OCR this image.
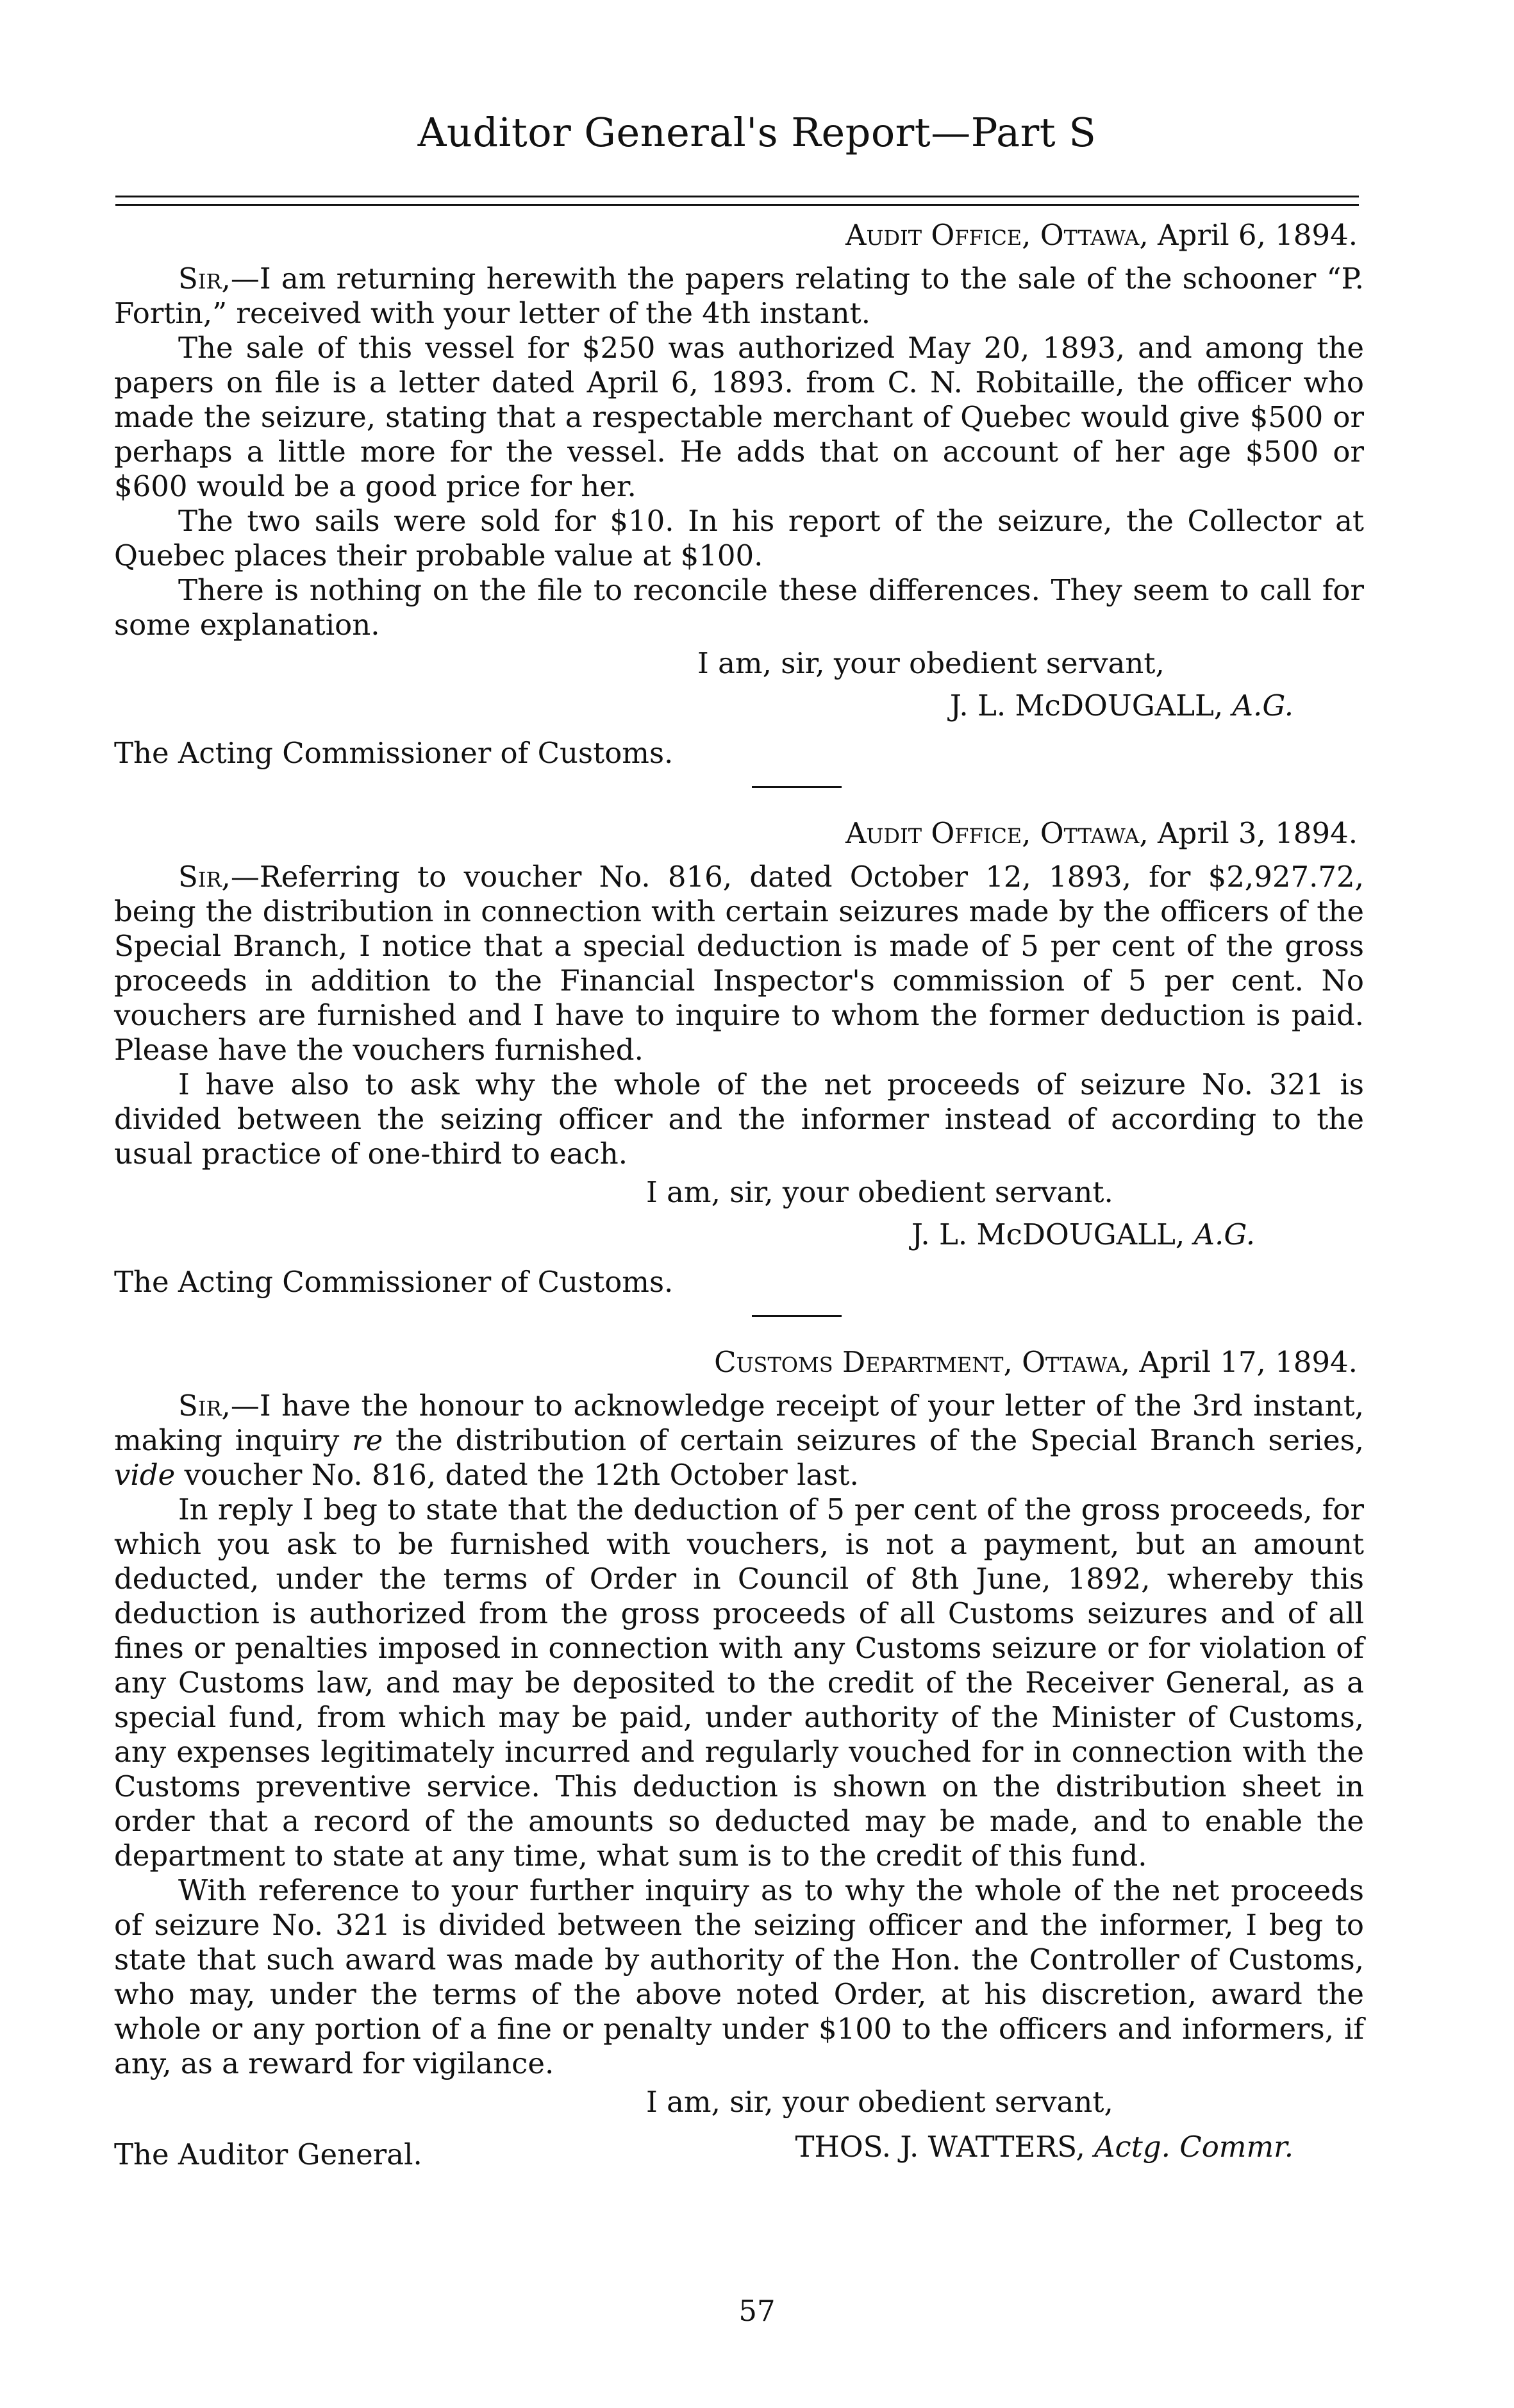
Auditor General's Report—Part S
Audit Office, Ottawa, April 6, 1894.

Sir,—I am returning herewith the papers relating to the sale of the schooner “P. Fortin,” received with your letter of the 4th instant.

The sale of this vessel for $250 was authorized May 20, 1893, and among the papers on file is a letter dated April 6, 1893. from C. N. Robitaille, the officer who made the seizure, stating that a respectable merchant of Quebec would give $500 or perhaps a little more for the vessel. He adds that on account of her age $500 or $600 would be a good price for her.

The two sails were sold for $10. In his report of the seizure, the Collector at Quebec places their probable value at $100.

There is nothing on the file to reconcile these differences. They seem to call for some explanation.

I am, sir, your obedient servant,
J. L. McDOUGALL, A.G.
The Acting Commissioner of Customs.
Audit Office, Ottawa, April 3, 1894.

Sir,—Referring to voucher No. 816, dated October 12, 1893, for $2,927.72, being the distribution in connection with certain seizures made by the officers of the Special Branch, I notice that a special deduction is made of 5 per cent of the gross proceeds in addition to the Financial Inspector's commission of 5 per cent. No vouchers are furnished and I have to inquire to whom the former deduction is paid. Please have the vouchers furnished.

I have also to ask why the whole of the net proceeds of seizure No. 321 is divided between the seizing officer and the informer instead of according to the usual practice of one-third to each.

I am, sir, your obedient servant.
J. L. McDOUGALL, A.G.
The Acting Commissioner of Customs.
Customs Department, Ottawa, April 17, 1894.

Sir,—I have the honour to acknowledge receipt of your letter of the 3rd instant, making inquiry re the distribution of certain seizures of the Special Branch series, vide voucher No. 816, dated the 12th October last.

In reply I beg to state that the deduction of 5 per cent of the gross proceeds, for which you ask to be furnished with vouchers, is not a payment, but an amount deducted, under the terms of Order in Council of 8th June, 1892, whereby this deduction is authorized from the gross proceeds of all Customs seizures and of all fines or penalties imposed in connection with any Customs seizure or for violation of any Customs law, and may be deposited to the credit of the Receiver General, as a special fund, from which may be paid, under authority of the Minister of Customs, any expenses legitimately incurred and regularly vouched for in connection with the Customs preventive service. This deduction is shown on the distribution sheet in order that a record of the amounts so deducted may be made, and to enable the department to state at any time, what sum is to the credit of this fund.

With reference to your further inquiry as to why the whole of the net proceeds of seizure No. 321 is divided between the seizing officer and the informer, I beg to state that such award was made by authority of the Hon. the Controller of Customs, who may, under the terms of the above noted Order, at his discretion, award the whole or any portion of a fine or penalty under $100 to the officers and informers, if any, as a reward for vigilance.

I am, sir, your obedient servant,
The Auditor General.	THOS. J. WATTERS, Actg. Commr.
57
